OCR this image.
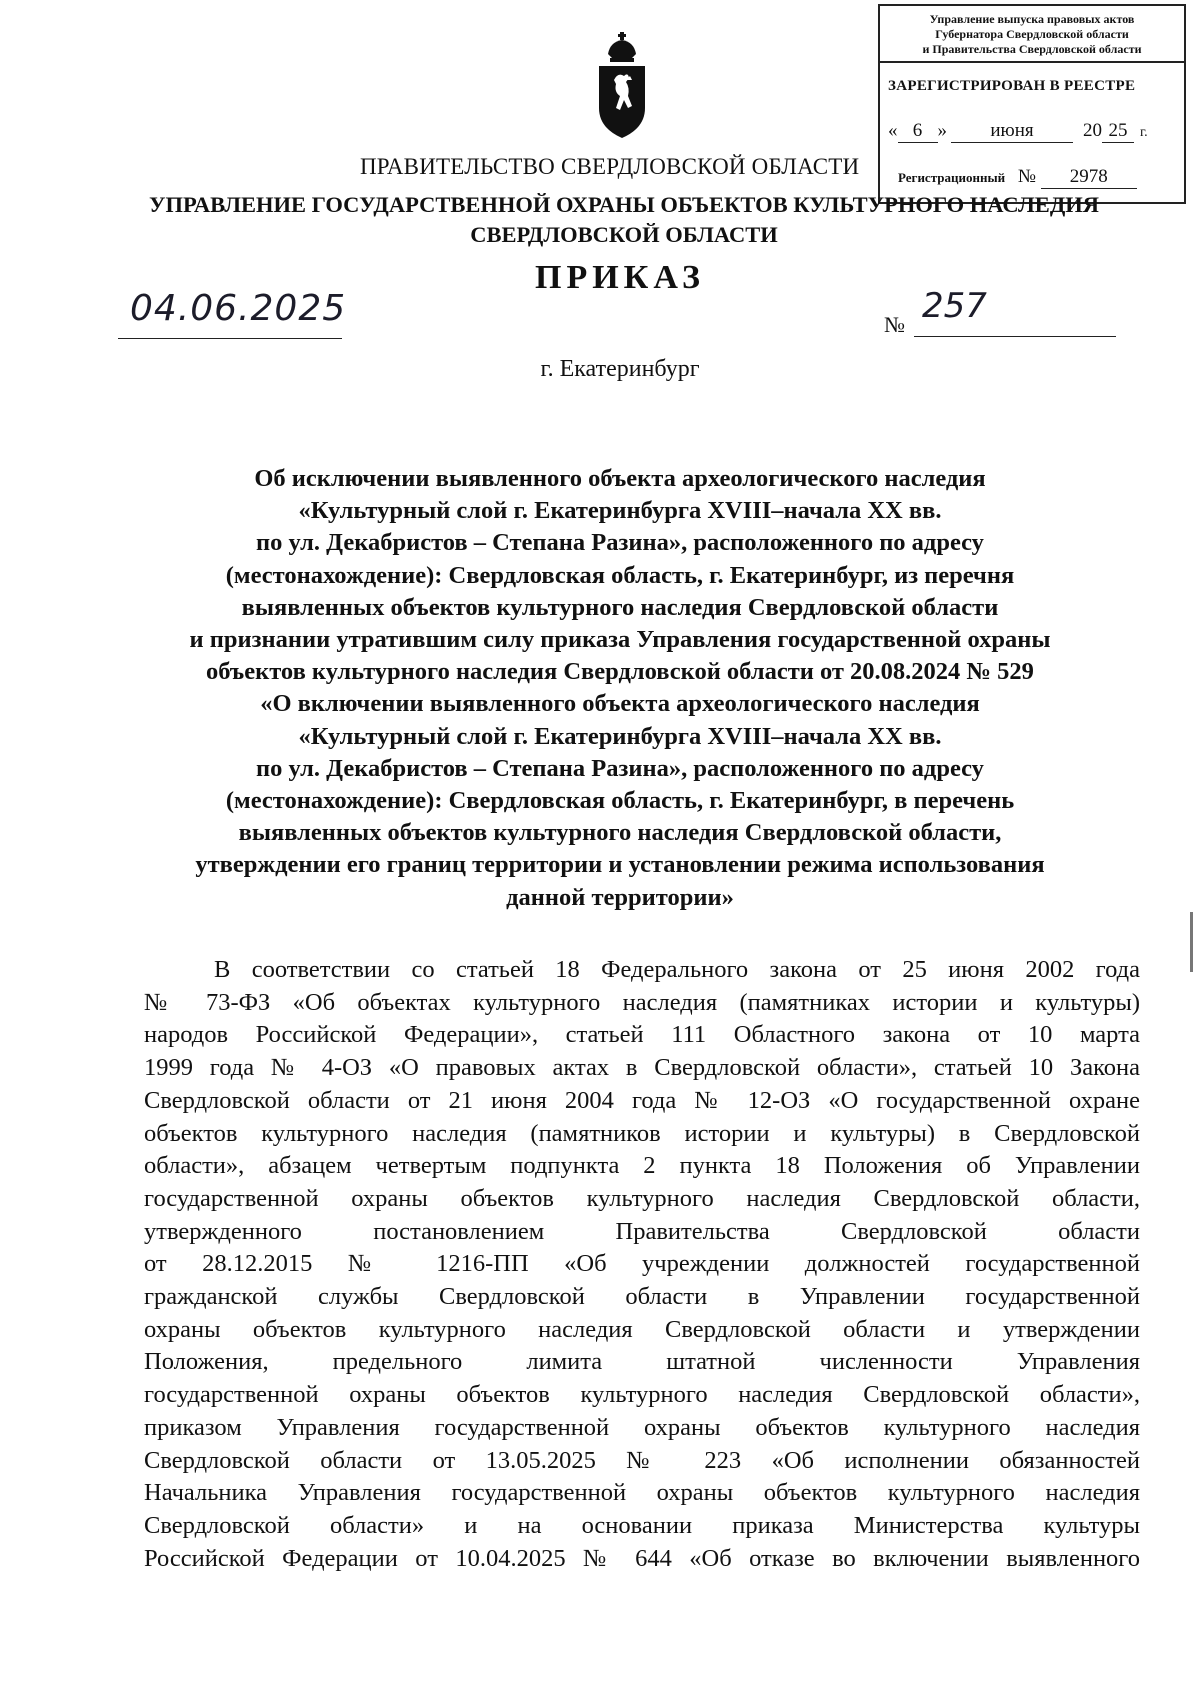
Управление выпуска правовых актов
Губернатора Свердловской области
и Правительства Свердловской области
ЗАРЕГИСТРИРОВАН В РЕЕСТРЕ
« 6 » июня	20 25 г.
Регистрационный № 2978
ПРАВИТЕЛЬСТВО СВЕРДЛОВСКОЙ ОБЛАСТИ
УПРАВЛЕНИЕ ГОСУДАРСТВЕННОЙ ОХРАНЫ ОБЪЕКТОВ КУЛЬТУРНОГО НАСЛЕДИЯ
СВЕРДЛОВСКОЙ ОБЛАСТИ
ПРИКАЗ
04.06.2025	№ 257
г. Екатеринбург
Об исключении выявленного объекта археологического наследия
«Культурный слой г. Екатеринбурга XVIII–начала XX вв.
по ул. Декабристов – Степана Разина», расположенного по адресу
(местонахождение): Свердловская область, г. Екатеринбург, из перечня
выявленных объектов культурного наследия Свердловской области
и признании утратившим силу приказа Управления государственной охраны
объектов культурного наследия Свердловской области от 20.08.2024 № 529
«О включении выявленного объекта археологического наследия
«Культурный слой г. Екатеринбурга XVIII–начала XX вв.
по ул. Декабристов – Степана Разина», расположенного по адресу
(местонахождение): Свердловская область, г. Екатеринбург, в перечень
выявленных объектов культурного наследия Свердловской области,
утверждении его границ территории и установлении режима использования
данной территории»
В соответствии со статьей 18 Федерального закона от 25 июня 2002 года
№ 73-ФЗ «Об объектах культурного наследия (памятниках истории и культуры)
народов Российской Федерации», статьей 111 Областного закона от 10 марта
1999 года № 4-ОЗ «О правовых актах в Свердловской области», статьей 10 Закона
Свердловской области от 21 июня 2004 года № 12-ОЗ «О государственной охране
объектов культурного наследия (памятников истории и культуры) в Свердловской
области», абзацем четвертым подпункта 2 пункта 18 Положения об Управлении
государственной охраны объектов культурного наследия Свердловской области,
утвержденного постановлением Правительства Свердловской области
от 28.12.2015 № 1216-ПП «Об учреждении должностей государственной
гражданской службы Свердловской области в Управлении государственной
охраны объектов культурного наследия Свердловской области и утверждении
Положения, предельного лимита штатной численности Управления
государственной охраны объектов культурного наследия Свердловской области»,
приказом Управления государственной охраны объектов культурного наследия
Свердловской области от 13.05.2025 № 223 «Об исполнении обязанностей
Начальника Управления государственной охраны объектов культурного наследия
Свердловской области» и на основании приказа Министерства культуры
Российской Федерации от 10.04.2025 № 644 «Об отказе во включении выявленного
